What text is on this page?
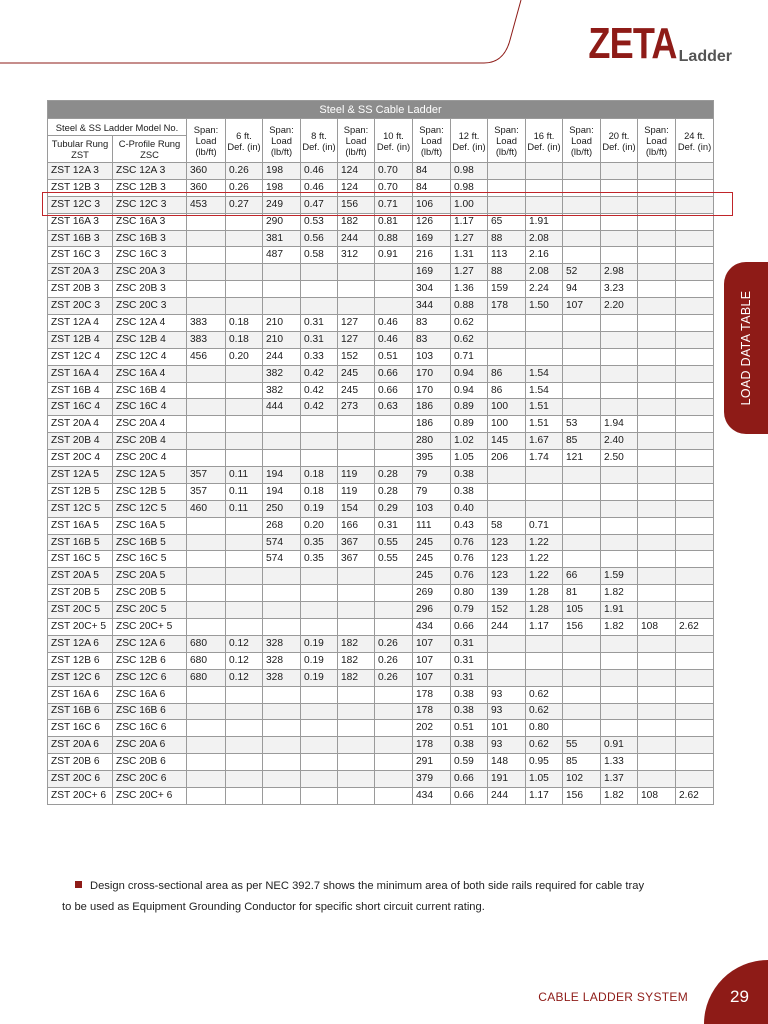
ZETA Ladder
Steel & SS Cable Ladder															
Steel & SS Ladder Model No.		Span: Load (lb/ft)	6 ft. Def. (in)	Span: Load (lb/ft)	8 ft. Def. (in)	Span: Load (lb/ft)	10 ft. Def. (in)	Span: Load (lb/ft)	12 ft. Def. (in)	Span: Load (lb/ft)	16 ft. Def. (in)	Span: Load (lb/ft)	20 ft. Def. (in)	Span: Load (lb/ft)	24 ft. Def. (in)
Tubular Rung ZST	C-Profile Rung ZSC														
ZST 12A 3	ZSC 12A 3	360	0.26	198	0.46	124	0.70	84	0.98						
ZST 12B 3	ZSC 12B 3	360	0.26	198	0.46	124	0.70	84	0.98						
ZST 12C 3	ZSC 12C 3	453	0.27	249	0.47	156	0.71	106	1.00						
ZST 16A 3	ZSC 16A 3			290	0.53	182	0.81	126	1.17	65	1.91				
ZST 16B 3	ZSC 16B 3			381	0.56	244	0.88	169	1.27	88	2.08				
ZST 16C 3	ZSC 16C 3			487	0.58	312	0.91	216	1.31	113	2.16				
ZST 20A 3	ZSC 20A 3							169	1.27	88	2.08	52	2.98		
ZST 20B 3	ZSC 20B 3							304	1.36	159	2.24	94	3.23		
ZST 20C 3	ZSC 20C 3							344	0.88	178	1.50	107	2.20		
ZST 12A 4	ZSC 12A 4	383	0.18	210	0.31	127	0.46	83	0.62						
ZST 12B 4	ZSC 12B 4	383	0.18	210	0.31	127	0.46	83	0.62						
ZST 12C 4	ZSC 12C 4	456	0.20	244	0.33	152	0.51	103	0.71						
ZST 16A 4	ZSC 16A 4			382	0.42	245	0.66	170	0.94	86	1.54				
ZST 16B 4	ZSC 16B 4			382	0.42	245	0.66	170	0.94	86	1.54				
ZST 16C 4	ZSC 16C 4			444	0.42	273	0.63	186	0.89	100	1.51				
ZST 20A 4	ZSC 20A 4							186	0.89	100	1.51	53	1.94		
ZST 20B 4	ZSC 20B 4							280	1.02	145	1.67	85	2.40		
ZST 20C 4	ZSC 20C 4							395	1.05	206	1.74	121	2.50		
ZST 12A 5	ZSC 12A 5	357	0.11	194	0.18	119	0.28	79	0.38						
ZST 12B 5	ZSC 12B 5	357	0.11	194	0.18	119	0.28	79	0.38						
ZST 12C 5	ZSC 12C 5	460	0.11	250	0.19	154	0.29	103	0.40						
ZST 16A 5	ZSC 16A 5			268	0.20	166	0.31	111	0.43	58	0.71				
ZST 16B 5	ZSC 16B 5			574	0.35	367	0.55	245	0.76	123	1.22				
ZST 16C 5	ZSC 16C 5			574	0.35	367	0.55	245	0.76	123	1.22				
ZST 20A 5	ZSC 20A 5							245	0.76	123	1.22	66	1.59		
ZST 20B 5	ZSC 20B 5							269	0.80	139	1.28	81	1.82		
ZST 20C 5	ZSC 20C 5							296	0.79	152	1.28	105	1.91		
ZST 20C+ 5	ZSC 20C+ 5							434	0.66	244	1.17	156	1.82	108	2.62
ZST 12A 6	ZSC 12A 6	680	0.12	328	0.19	182	0.26	107	0.31						
ZST 12B 6	ZSC 12B 6	680	0.12	328	0.19	182	0.26	107	0.31						
ZST 12C 6	ZSC 12C 6	680	0.12	328	0.19	182	0.26	107	0.31						
ZST 16A 6	ZSC 16A 6							178	0.38	93	0.62				
ZST 16B 6	ZSC 16B 6							178	0.38	93	0.62				
ZST 16C 6	ZSC 16C 6							202	0.51	101	0.80				
ZST 20A 6	ZSC 20A 6							178	0.38	93	0.62	55	0.91		
ZST 20B 6	ZSC 20B 6							291	0.59	148	0.95	85	1.33		
ZST 20C 6	ZSC 20C 6							379	0.66	191	1.05	102	1.37		
ZST 20C+ 6	ZSC 20C+ 6							434	0.66	244	1.17	156	1.82	108	2.62
LOAD DATA TABLE
Design cross-sectional area as per NEC 392.7 shows the minimum area of both side rails required for cable tray
to be used as Equipment Grounding Conductor for specific short circuit current rating.
CABLE LADDER SYSTEM 29
